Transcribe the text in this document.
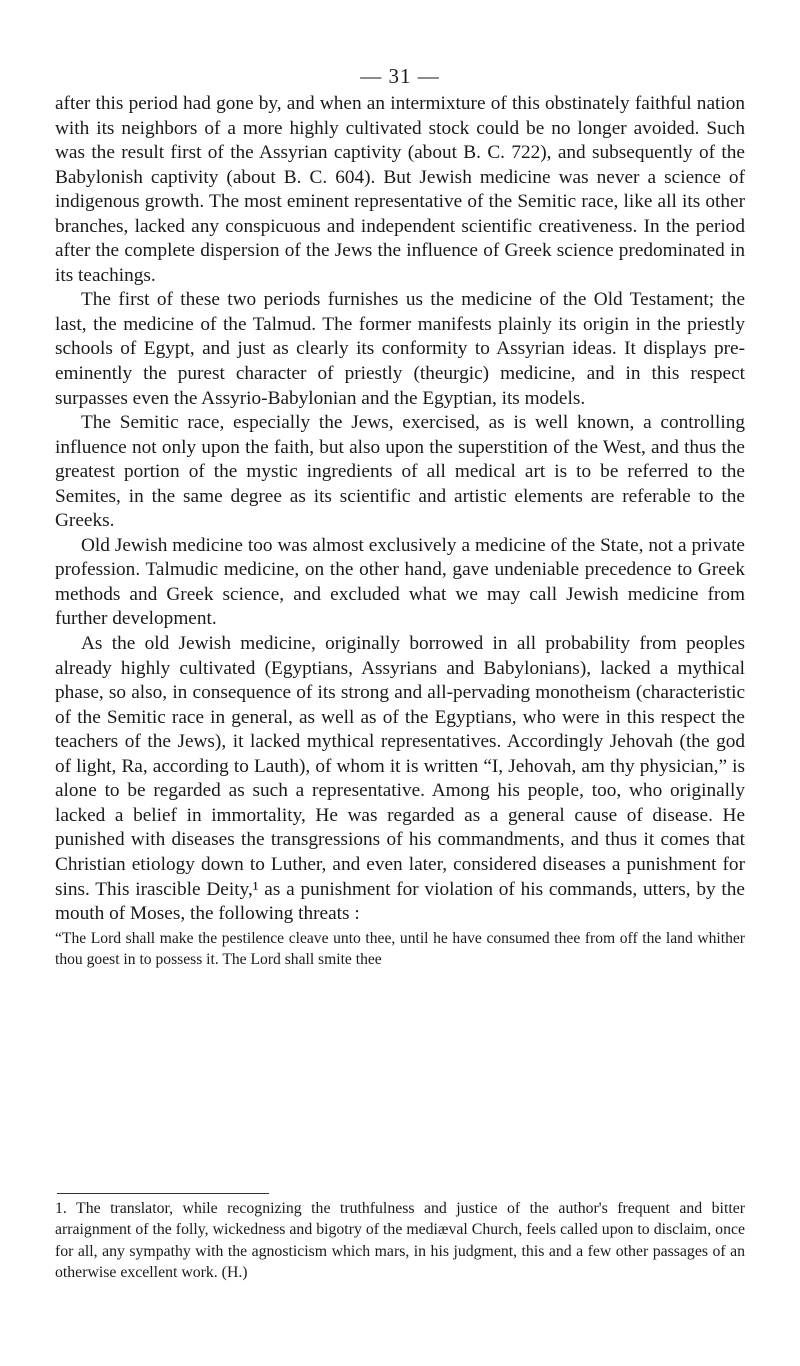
— 31 —

after this period had gone by, and when an intermixture of this obstinately faithful nation with its neighbors of a more highly cultivated stock could be no longer avoided. Such was the result first of the Assyrian captivity (about B. C. 722), and subsequently of the Babylonish captivity (about B. C. 604). But Jewish medicine was never a science of indigenous growth. The most eminent representative of the Semitic race, like all its other branches, lacked any conspicuous and independent scientific creativeness. In the period after the complete dispersion of the Jews the influence of Greek science predominated in its teachings.

The first of these two periods furnishes us the medicine of the Old Testament; the last, the medicine of the Talmud. The former manifests plainly its origin in the priestly schools of Egypt, and just as clearly its conformity to Assyrian ideas. It displays pre-eminently the purest character of priestly (theurgic) medicine, and in this respect surpasses even the Assyrio-Babylonian and the Egyptian, its models.

The Semitic race, especially the Jews, exercised, as is well known, a controlling influence not only upon the faith, but also upon the superstition of the West, and thus the greatest portion of the mystic ingredients of all medical art is to be referred to the Semites, in the same degree as its scientific and artistic elements are referable to the Greeks.

Old Jewish medicine too was almost exclusively a medicine of the State, not a private profession. Talmudic medicine, on the other hand, gave undeniable precedence to Greek methods and Greek science, and excluded what we may call Jewish medicine from further development.

As the old Jewish medicine, originally borrowed in all probability from peoples already highly cultivated (Egyptians, Assyrians and Babylonians), lacked a mythical phase, so also, in consequence of its strong and all-pervading monotheism (characteristic of the Semitic race in general, as well as of the Egyptians, who were in this respect the teachers of the Jews), it lacked mythical representatives. Accordingly Jehovah (the god of light, Ra, according to Lauth), of whom it is written “I, Jehovah, am thy physician,” is alone to be regarded as such a representative. Among his people, too, who originally lacked a belief in immortality, He was regarded as a general cause of disease. He punished with diseases the transgressions of his commandments, and thus it comes that Christian etiology down to Luther, and even later, considered diseases a punishment for sins. This irascible Deity,¹ as a punishment for violation of his commands, utters, by the mouth of Moses, the following threats :

“The Lord shall make the pestilence cleave unto thee, until he have consumed thee from off the land whither thou goest in to possess it. The Lord shall smite thee

1. The translator, while recognizing the truthfulness and justice of the author's frequent and bitter arraignment of the folly, wickedness and bigotry of the mediæval Church, feels called upon to disclaim, once for all, any sympathy with the agnosticism which mars, in his judgment, this and a few other passages of an otherwise excellent work. (H.)
